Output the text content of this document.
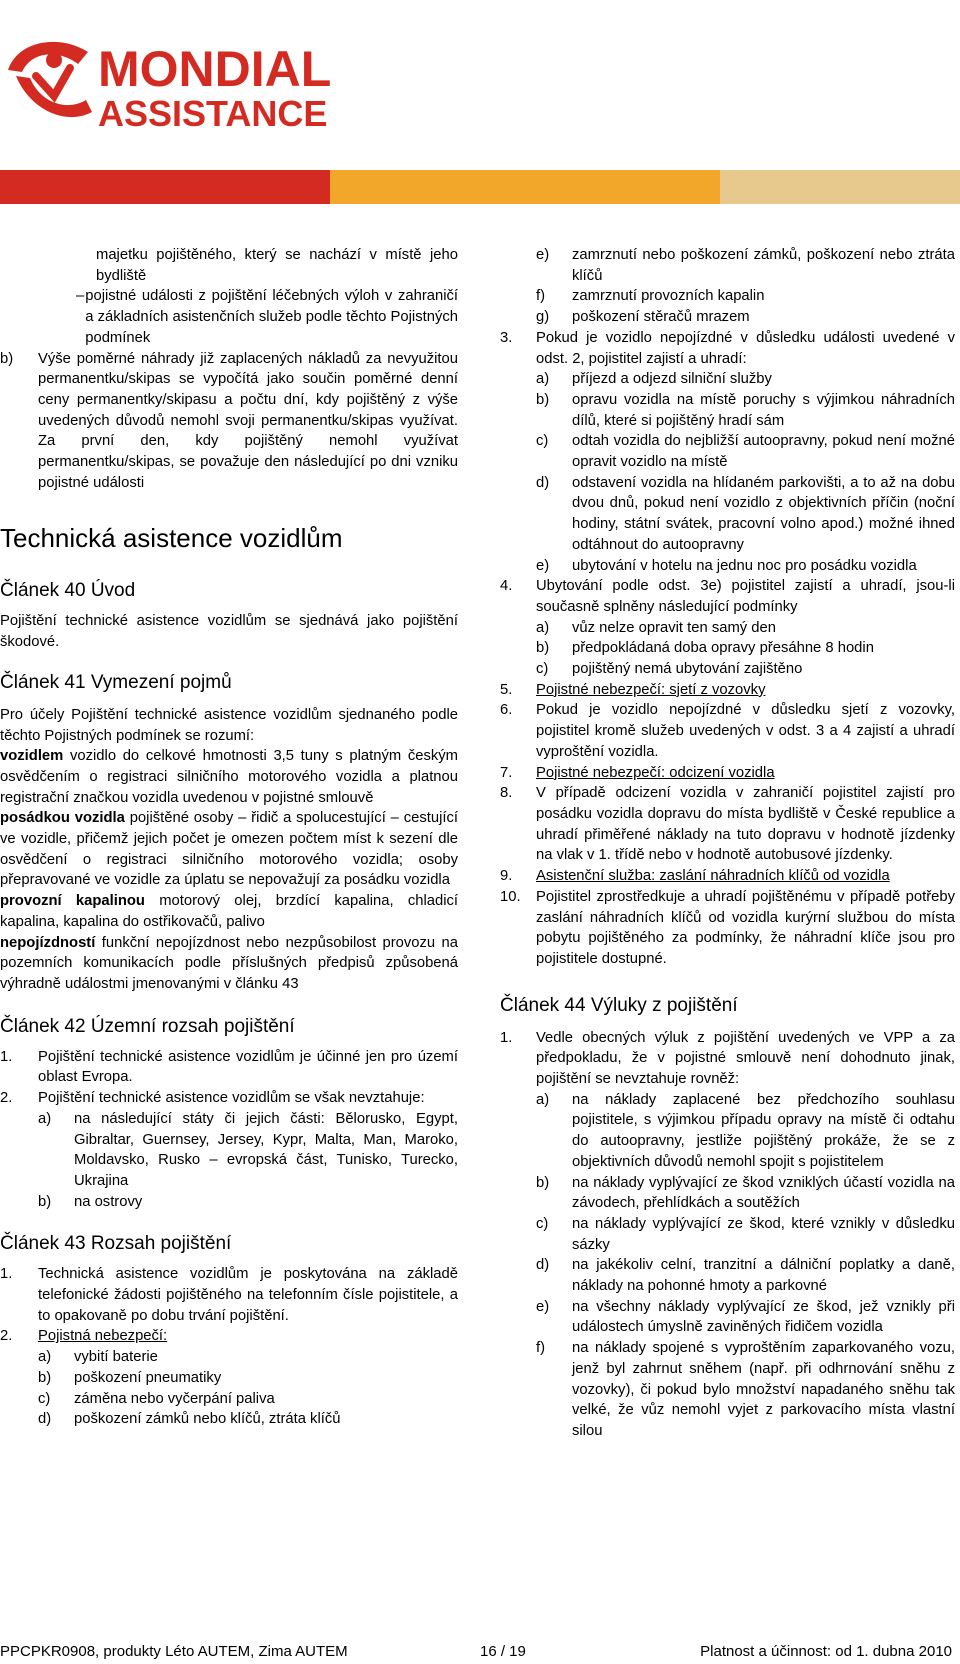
MONDIAL
ASSISTANCE

majetku pojištěného, který se nachází v místě jeho bydliště

– pojistné události z pojištění léčebných výloh v zahraničí a základních asistenčních služeb podle těchto Pojistných podmínek
b)	Výše poměrné náhrady již zaplacených nákladů za nevyužitou permanentku/skipas se vypočítá jako součin poměrné denní ceny permanentky/skipasu a počtu dní, kdy pojištěný z výše uvedených důvodů nemohl svoji permanentku/skipas využívat. Za první den, kdy pojištěný nemohl využívat permanentku/skipas, se považuje den následující po dni vzniku pojistné události
Technická asistence vozidlům
Článek 40 Úvod

Pojištění technické asistence vozidlům se sjednává jako pojištění škodové.

Článek 41 Vymezení pojmů

Pro účely Pojištění technické asistence vozidlům sjednaného podle těchto Pojistných podmínek se rozumí:

vozidlem vozidlo do celkové hmotnosti 3,5 tuny s platným českým osvědčením o registraci silničního motorového vozidla a platnou registrační značkou vozidla uvedenou v pojistné smlouvě

posádkou vozidla pojištěné osoby – řidič a spolucestující – cestující ve vozidle, přičemž jejich počet je omezen počtem míst k sezení dle osvědčení o registraci silničního motorového vozidla; osoby přepravované ve vozidle za úplatu se nepovažují za posádku vozidla

provozní kapalinou motorový olej, brzdící kapalina, chladicí kapalina, kapalina do ostřikovačů, palivo

nepojízdností funkční nepojízdnost nebo nezpůsobilost provozu na pozemních komunikacích podle příslušných předpisů způsobená výhradně událostmi jmenovanými v článku 43

Článek 42 Územní rozsah pojištění
1.	Pojištění technické asistence vozidlům je účinné jen pro území oblast Evropa.
2.	Pojištění technické asistence vozidlům se však nevztahuje:
a)	na následující státy či jejich části: Bělorusko, Egypt, Gibraltar, Guernsey, Jersey, Kypr, Malta, Man, Maroko, Moldavsko, Rusko – evropská část, Tunisko, Turecko, Ukrajina
b)	na ostrovy
Článek 43 Rozsah pojištění
1.	Technická asistence vozidlům je poskytována na základě telefonické žádosti pojištěného na telefonním čísle pojistitele, a to opakovaně po dobu trvání pojištění.
2.	Pojistná nebezpečí:
a)	vybití baterie
b)	poškození pneumatiky
c)	záměna nebo vyčerpání paliva
d)	poškození zámků nebo klíčů, ztráta klíčů
e)	zamrznutí nebo poškození zámků, poškození nebo ztráta klíčů
f)	zamrznutí provozních kapalin
g)	poškození stěračů mrazem
3.	Pokud je vozidlo nepojízdné v důsledku události uvedené v odst. 2, pojistitel zajistí a uhradí:
a)	příjezd a odjezd silniční služby
b)	opravu vozidla na místě poruchy s výjimkou náhradních dílů, které si pojištěný hradí sám
c)	odtah vozidla do nejbližší autoopravny, pokud není možné opravit vozidlo na místě
d)	odstavení vozidla na hlídaném parkovišti, a to až na dobu dvou dnů, pokud není vozidlo z objektivních příčin (noční hodiny, státní svátek, pracovní volno apod.) možné ihned odtáhnout do autoopravny
e)	ubytování v hotelu na jednu noc pro posádku vozidla
4.	Ubytování podle odst. 3e) pojistitel zajistí a uhradí, jsou-li současně splněny následující podmínky
a)	vůz nelze opravit ten samý den
b)	předpokládaná doba opravy přesáhne 8 hodin
c)	pojištěný nemá ubytování zajištěno
5.	Pojistné nebezpečí: sjetí z vozovky
6.	Pokud je vozidlo nepojízdné v důsledku sjetí z vozovky, pojistitel kromě služeb uvedených v odst. 3 a 4 zajistí a uhradí vyproštění vozidla.
7.	Pojistné nebezpečí: odcizení vozidla
8.	V případě odcizení vozidla v zahraničí pojistitel zajistí pro posádku vozidla dopravu do místa bydliště v České republice a uhradí přiměřené náklady na tuto dopravu v hodnotě jízdenky na vlak v 1. třídě nebo v hodnotě autobusové jízdenky.
9.	Asistenční služba: zaslání náhradních klíčů od vozidla
10.	Pojistitel zprostředkuje a uhradí pojištěnému v případě potřeby zaslání náhradních klíčů od vozidla kurýrní službou do místa pobytu pojištěného za podmínky, že náhradní klíče jsou pro pojistitele dostupné.
Článek 44 Výluky z pojištění
1.	Vedle obecných výluk z pojištění uvedených ve VPP a za předpokladu, že v pojistné smlouvě není dohodnuto jinak, pojištění se nevztahuje rovněž:
a)	na náklady zaplacené bez předchozího souhlasu pojistitele, s výjimkou případu opravy na místě či odtahu do autoopravny, jestliže pojištěný prokáže, že se z objektivních důvodů nemohl spojit s pojistitelem
b)	na náklady vyplývající ze škod vzniklých účastí vozidla na závodech, přehlídkách a soutěžích
c)	na náklady vyplývající ze škod, které vznikly v důsledku sázky
d)	na jakékoliv celní, tranzitní a dálniční poplatky a daně, náklady na pohonné hmoty a parkovné
e)	na všechny náklady vyplývající ze škod, jež vznikly při událostech úmyslně zaviněných řidičem vozidla
f)	na náklady spojené s vyproštěním zaparkovaného vozu, jenž byl zahrnut sněhem (např. při odhrnování sněhu z vozovky), či pokud bylo množství napadaného sněhu tak velké, že vůz nemohl vyjet z parkovacího místa vlastní silou
PPCPKR0908, produkty Léto AUTEM, Zima AUTEM	16 / 19	Platnost a účinnost: od 1. dubna 2010
